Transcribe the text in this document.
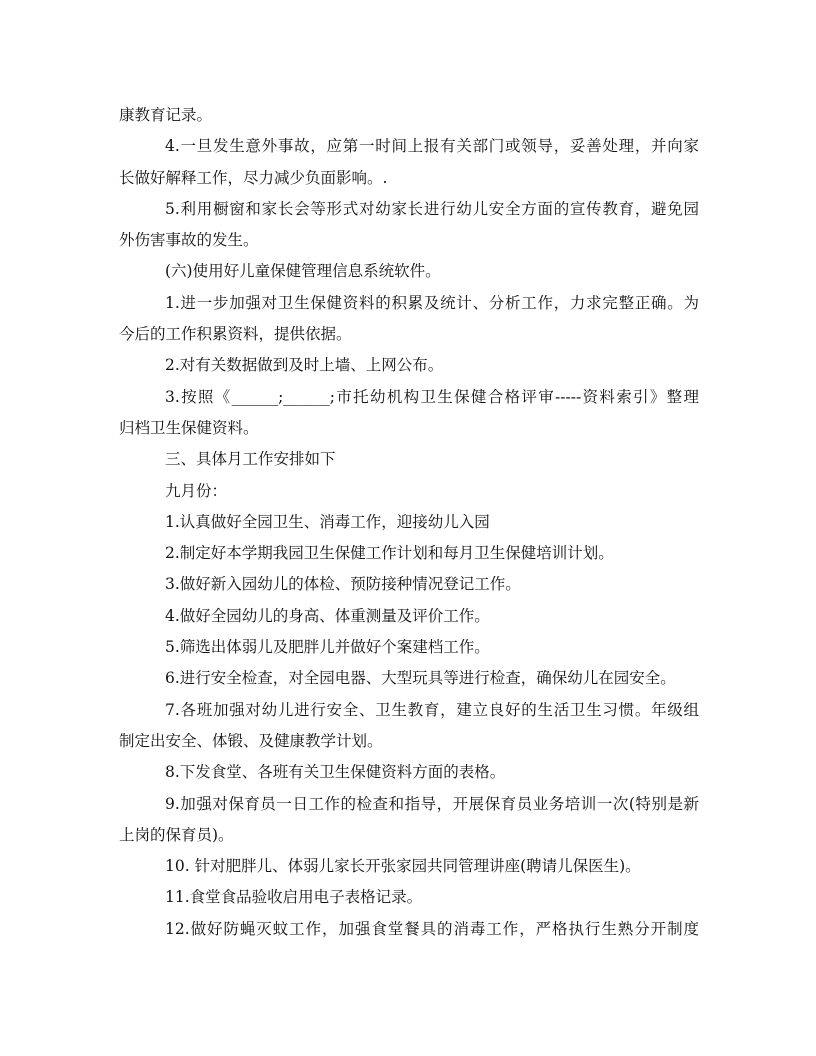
康教育记录。
4.一旦发生意外事故，应第一时间上报有关部门或领导，妥善处理，并向家
长做好解释工作，尽力减少负面影响。.
5.利用橱窗和家长会等形式对幼家长进行幼儿安全方面的宣传教育，避免园
外伤害事故的发生。
(六)使用好儿童保健管理信息系统软件。
1.进一步加强对卫生保健资料的积累及统计、分析工作，力求完整正确。为
今后的工作积累资料，提供依据。
2.对有关数据做到及时上墙、上网公布。
3.按照《______;______;市托幼机构卫生保健合格评审-----资料索引》整理
归档卫生保健资料。
三、具体月工作安排如下
九月份：
1.认真做好全园卫生、消毒工作，迎接幼儿入园
2.制定好本学期我园卫生保健工作计划和每月卫生保健培训计划。
3.做好新入园幼儿的体检、预防接种情况登记工作。
4.做好全园幼儿的身高、体重测量及评价工作。
5.筛选出体弱儿及肥胖儿并做好个案建档工作。
6.进行安全检查，对全园电器、大型玩具等进行检查，确保幼儿在园安全。
7.各班加强对幼儿进行安全、卫生教育，建立良好的生活卫生习惯。年级组
制定出安全、体锻、及健康教学计划。
8.下发食堂、各班有关卫生保健资料方面的表格。
9.加强对保育员一日工作的检查和指导，开展保育员业务培训一次(特别是新
上岗的保育员)。
10. 针对肥胖儿、体弱儿家长开张家园共同管理讲座(聘请儿保医生)。
11.食堂食品验收启用电子表格记录。
12.做好防蝇灭蚊工作，加强食堂餐具的消毒工作，严格执行生熟分开制度
